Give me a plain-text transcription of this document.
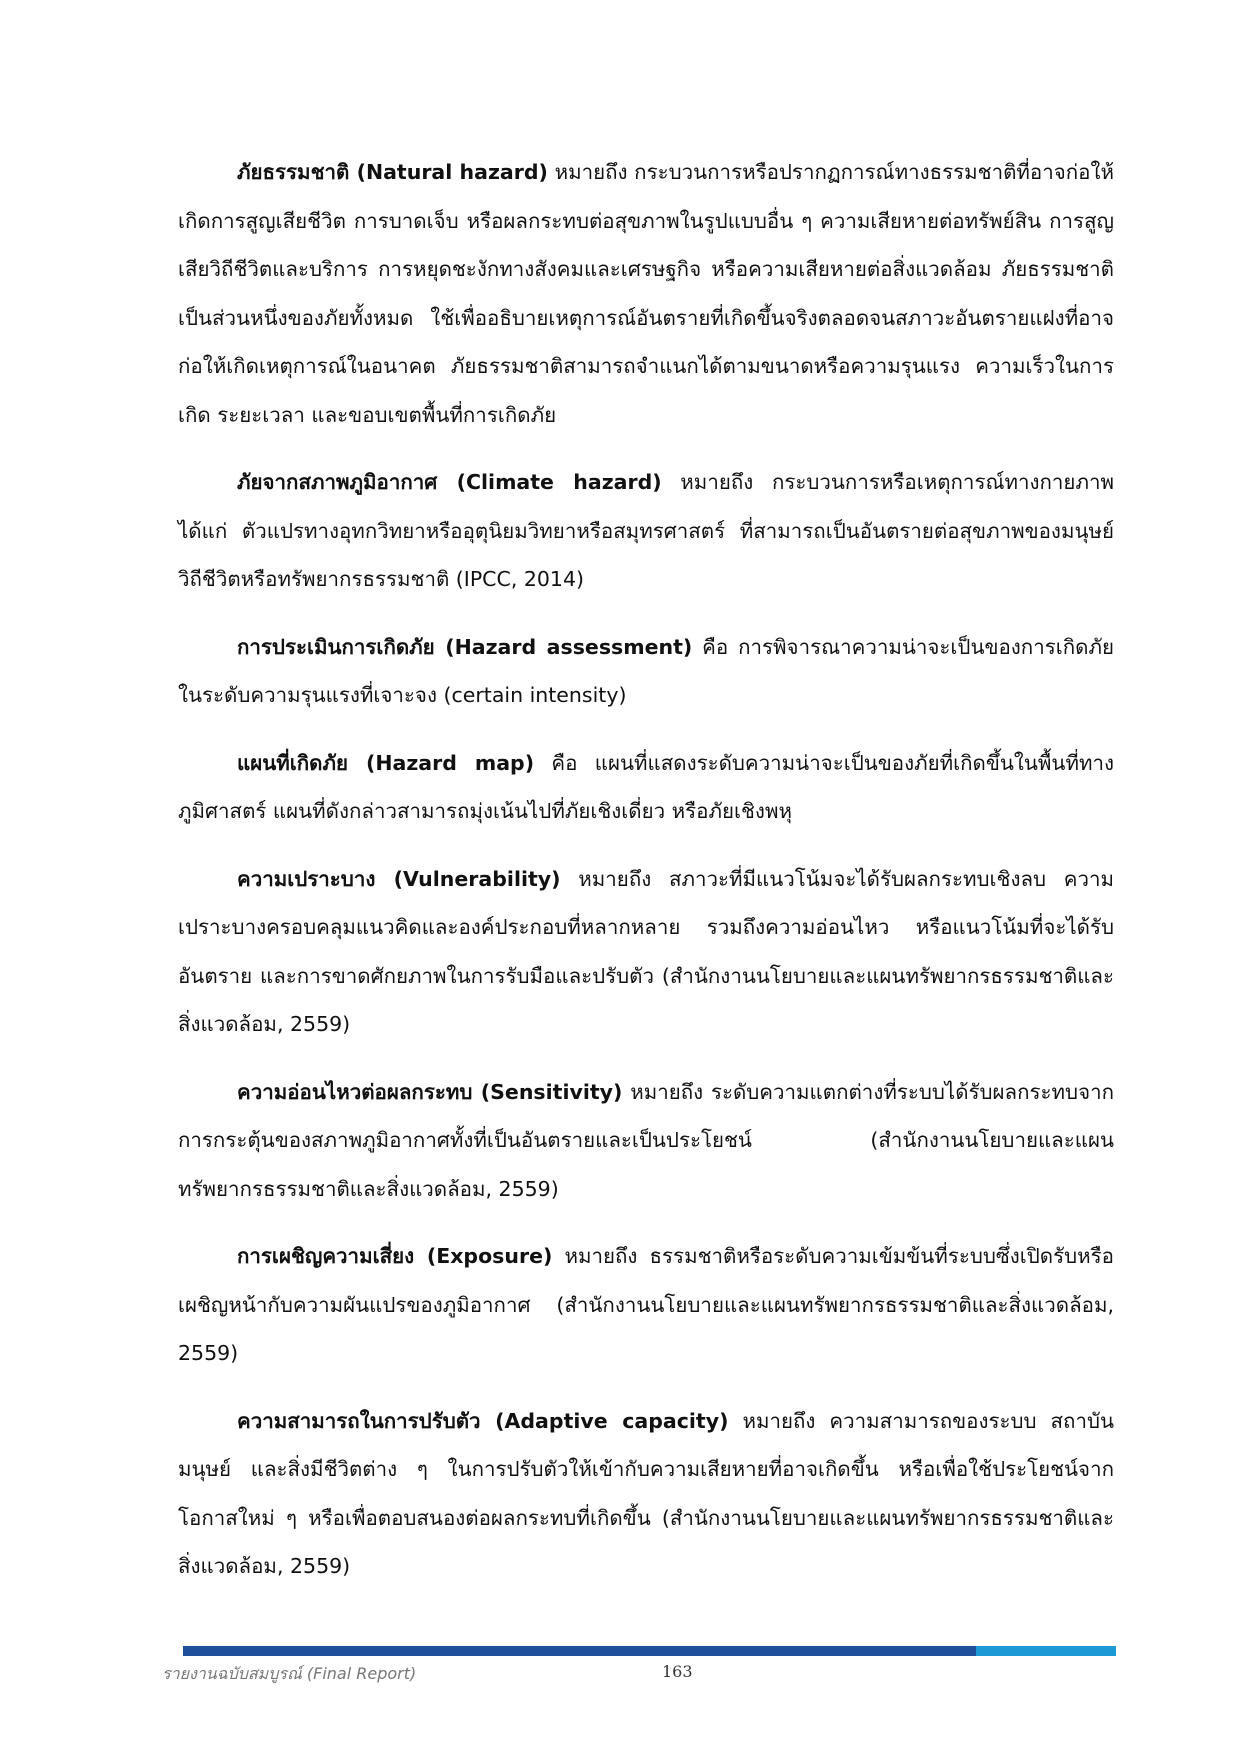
ภัยธรรมชาติ (Natural hazard) หมายถึง กระบวนการหรือปรากฏการณ์ทางธรรมชาติที่อาจก่อให้เกิดการสูญเสียชีวิต การบาดเจ็บ หรือผลกระทบต่อสุขภาพในรูปแบบอื่น ๆ ความเสียหายต่อทรัพย์สิน การสูญเสียวิถีชีวิตและบริการ การหยุดชะงักทางสังคมและเศรษฐกิจ หรือความเสียหายต่อสิ่งแวดล้อม ภัยธรรมชาติเป็นส่วนหนึ่งของภัยทั้งหมด ใช้เพื่ออธิบายเหตุการณ์อันตรายที่เกิดขึ้นจริงตลอดจนสภาวะอันตรายแฝงที่อาจก่อให้เกิดเหตุการณ์ในอนาคต ภัยธรรมชาติสามารถจำแนกได้ตามขนาดหรือความรุนแรง ความเร็วในการเกิด ระยะเวลา และขอบเขตพื้นที่การเกิดภัย

ภัยจากสภาพภูมิอากาศ (Climate hazard) หมายถึง กระบวนการหรือเหตุการณ์ทางกายภาพ ได้แก่ ตัวแปรทางอุทกวิทยาหรืออุตุนิยมวิทยาหรือสมุทรศาสตร์ ที่สามารถเป็นอันตรายต่อสุขภาพของมนุษย์ วิถีชีวิตหรือทรัพยากรธรรมชาติ (IPCC, 2014)

การประเมินการเกิดภัย (Hazard assessment) คือ การพิจารณาความน่าจะเป็นของการเกิดภัยในระดับความรุนแรงที่เจาะจง (certain intensity)

แผนที่เกิดภัย (Hazard map) คือ แผนที่แสดงระดับความน่าจะเป็นของภัยที่เกิดขึ้นในพื้นที่ทางภูมิศาสตร์ แผนที่ดังกล่าวสามารถมุ่งเน้นไปที่ภัยเชิงเดี่ยว หรือภัยเชิงพหุ

ความเปราะบาง (Vulnerability) หมายถึง สภาวะที่มีแนวโน้มจะได้รับผลกระทบเชิงลบ ความเปราะบางครอบคลุมแนวคิดและองค์ประกอบที่หลากหลาย รวมถึงความอ่อนไหว หรือแนวโน้มที่จะได้รับอันตราย และการขาดศักยภาพในการรับมือและปรับตัว (สำนักงานนโยบายและแผนทรัพยากรธรรมชาติและสิ่งแวดล้อม, 2559)

ความอ่อนไหวต่อผลกระทบ (Sensitivity) หมายถึง ระดับความแตกต่างที่ระบบได้รับผลกระทบจากการกระตุ้นของสภาพภูมิอากาศทั้งที่เป็นอันตรายและเป็นประโยชน์ (สำนักงานนโยบายและแผนทรัพยากรธรรมชาติและสิ่งแวดล้อม, 2559)

การเผชิญความเสี่ยง (Exposure) หมายถึง ธรรมชาติหรือระดับความเข้มข้นที่ระบบซึ่งเปิดรับหรือเผชิญหน้ากับความผันแปรของภูมิอากาศ (สำนักงานนโยบายและแผนทรัพยากรธรรมชาติและสิ่งแวดล้อม, 2559)

ความสามารถในการปรับตัว (Adaptive capacity) หมายถึง ความสามารถของระบบ สถาบันมนุษย์ และสิ่งมีชีวิตต่าง ๆ ในการปรับตัวให้เข้ากับความเสียหายที่อาจเกิดขึ้น หรือเพื่อใช้ประโยชน์จากโอกาสใหม่ ๆ หรือเพื่อตอบสนองต่อผลกระทบที่เกิดขึ้น (สำนักงานนโยบายและแผนทรัพยากรธรรมชาติและสิ่งแวดล้อม, 2559)

รายงานฉบับสมบูรณ์ (Final Report)	163
